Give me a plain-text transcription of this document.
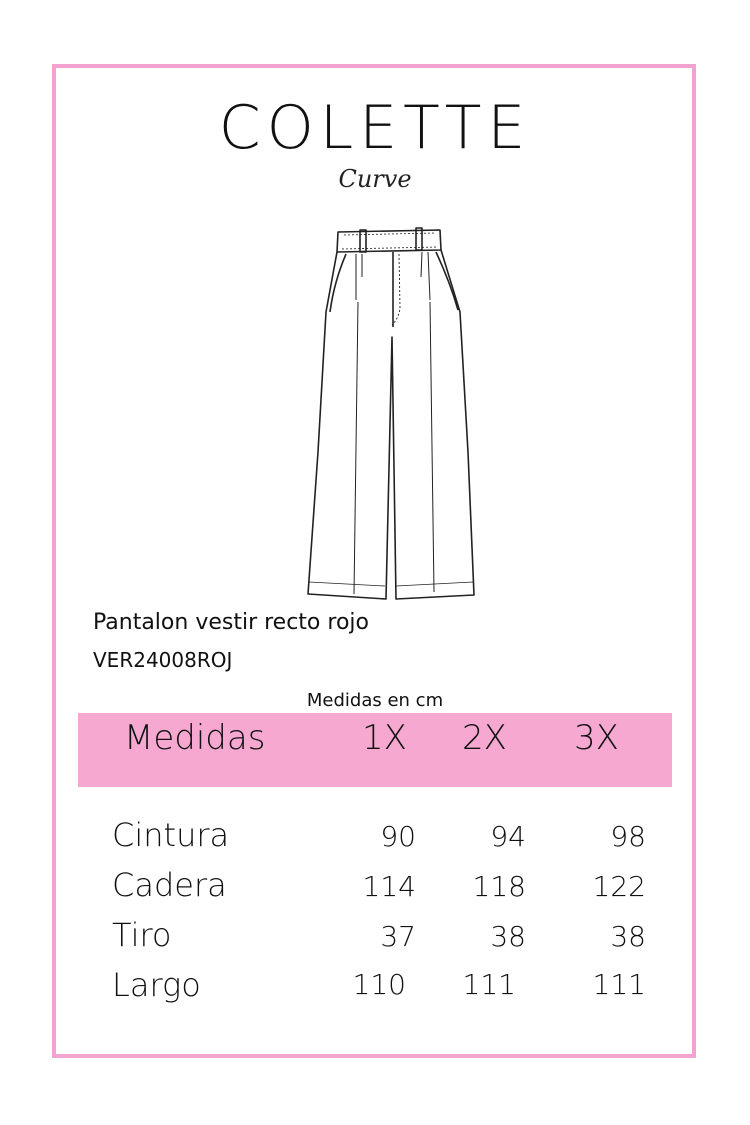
COLETTE
Curve
Pantalon vestir recto rojo
VER24008ROJ
Medidas en cm
Medidas	1X 2X 3X
Cintura	90	94	98
Cadera	114 118 122
Tiro	37	38	38
Largo	110 111	111
